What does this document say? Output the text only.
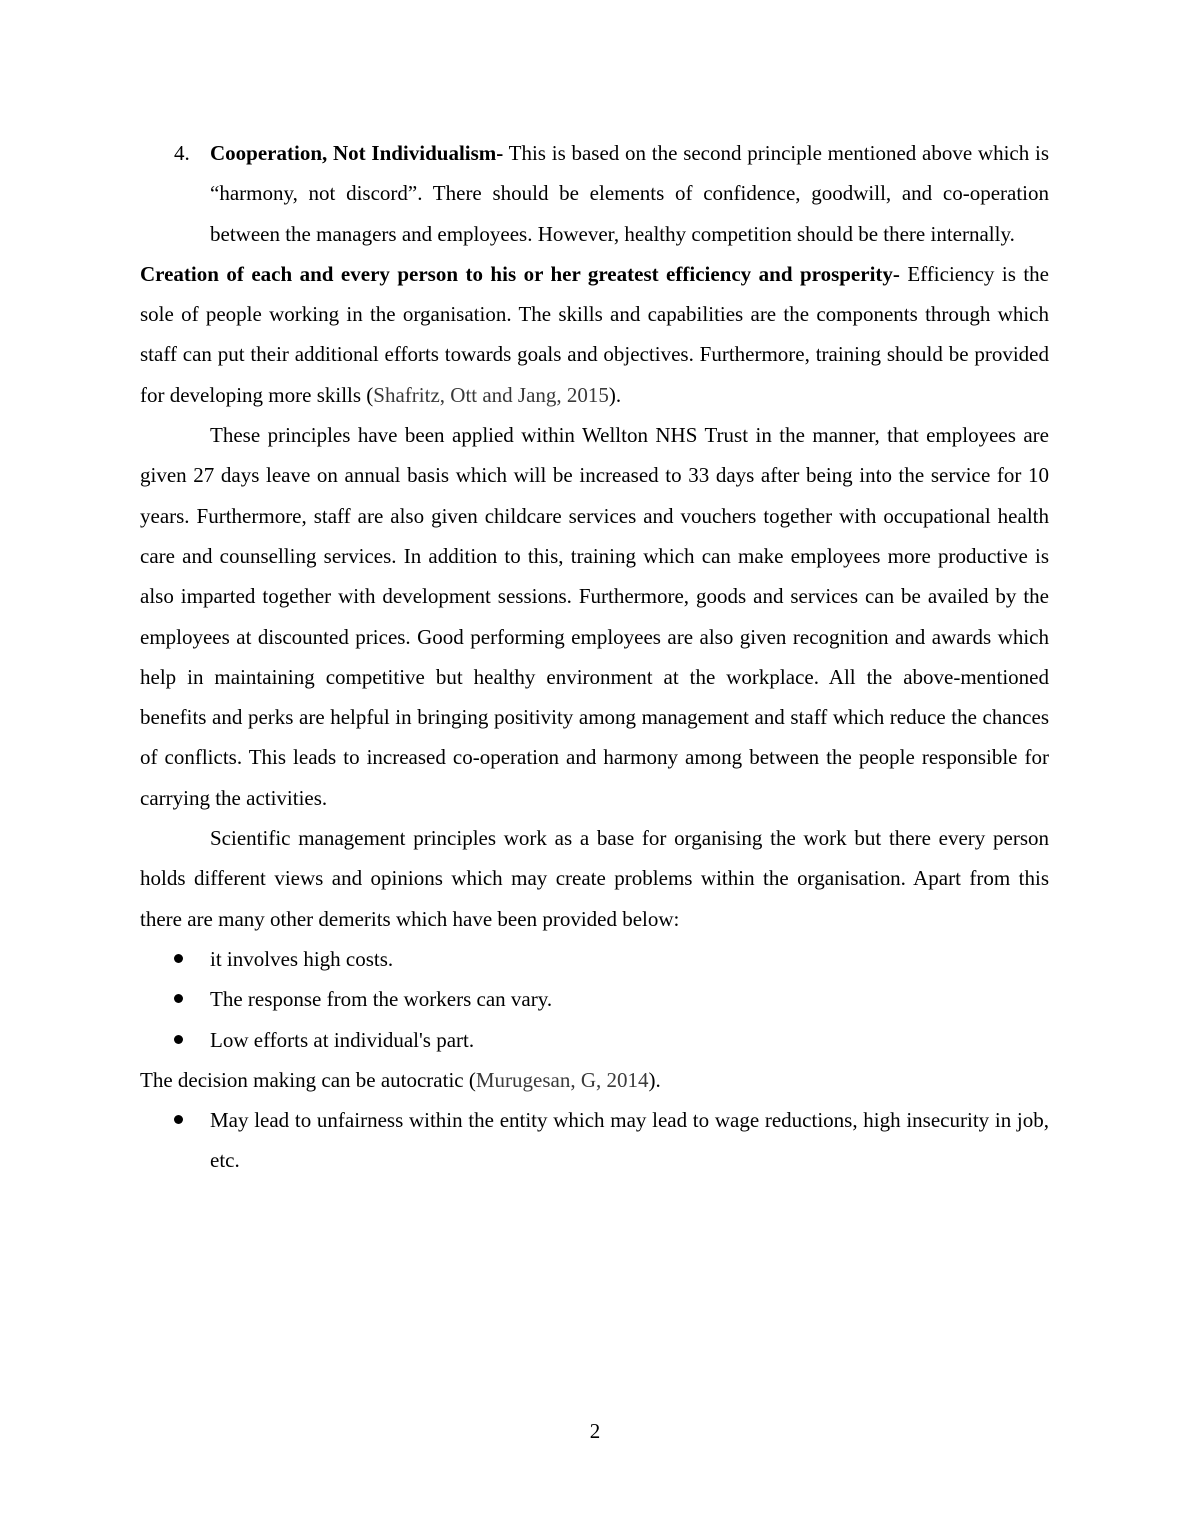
4. Cooperation, Not Individualism- This is based on the second principle mentioned above which is “harmony, not discord”. There should be elements of confidence, goodwill, and co-operation between the managers and employees. However, healthy competition should be there internally.

Creation of each and every person to his or her greatest efficiency and prosperity- Efficiency is the sole of people working in the organisation. The skills and capabilities are the components through which staff can put their additional efforts towards goals and objectives. Furthermore, training should be provided for developing more skills (Shafritz, Ott and Jang, 2015).

These principles have been applied within Wellton NHS Trust in the manner, that employees are given 27 days leave on annual basis which will be increased to 33 days after being into the service for 10 years. Furthermore, staff are also given childcare services and vouchers together with occupational health care and counselling services. In addition to this, training which can make employees more productive is also imparted together with development sessions. Furthermore, goods and services can be availed by the employees at discounted prices. Good performing employees are also given recognition and awards which help in maintaining competitive but healthy environment at the workplace. All the above-mentioned benefits and perks are helpful in bringing positivity among management and staff which reduce the chances of conflicts. This leads to increased co-operation and harmony among between the people responsible for carrying the activities.

Scientific management principles work as a base for organising the work but there every person holds different views and opinions which may create problems within the organisation. Apart from this there are many other demerits which have been provided below:

it involves high costs.

The response from the workers can vary.

Low efforts at individual's part.

The decision making can be autocratic (Murugesan, G, 2014).

May lead to unfairness within the entity which may lead to wage reductions, high insecurity in job, etc.

2
